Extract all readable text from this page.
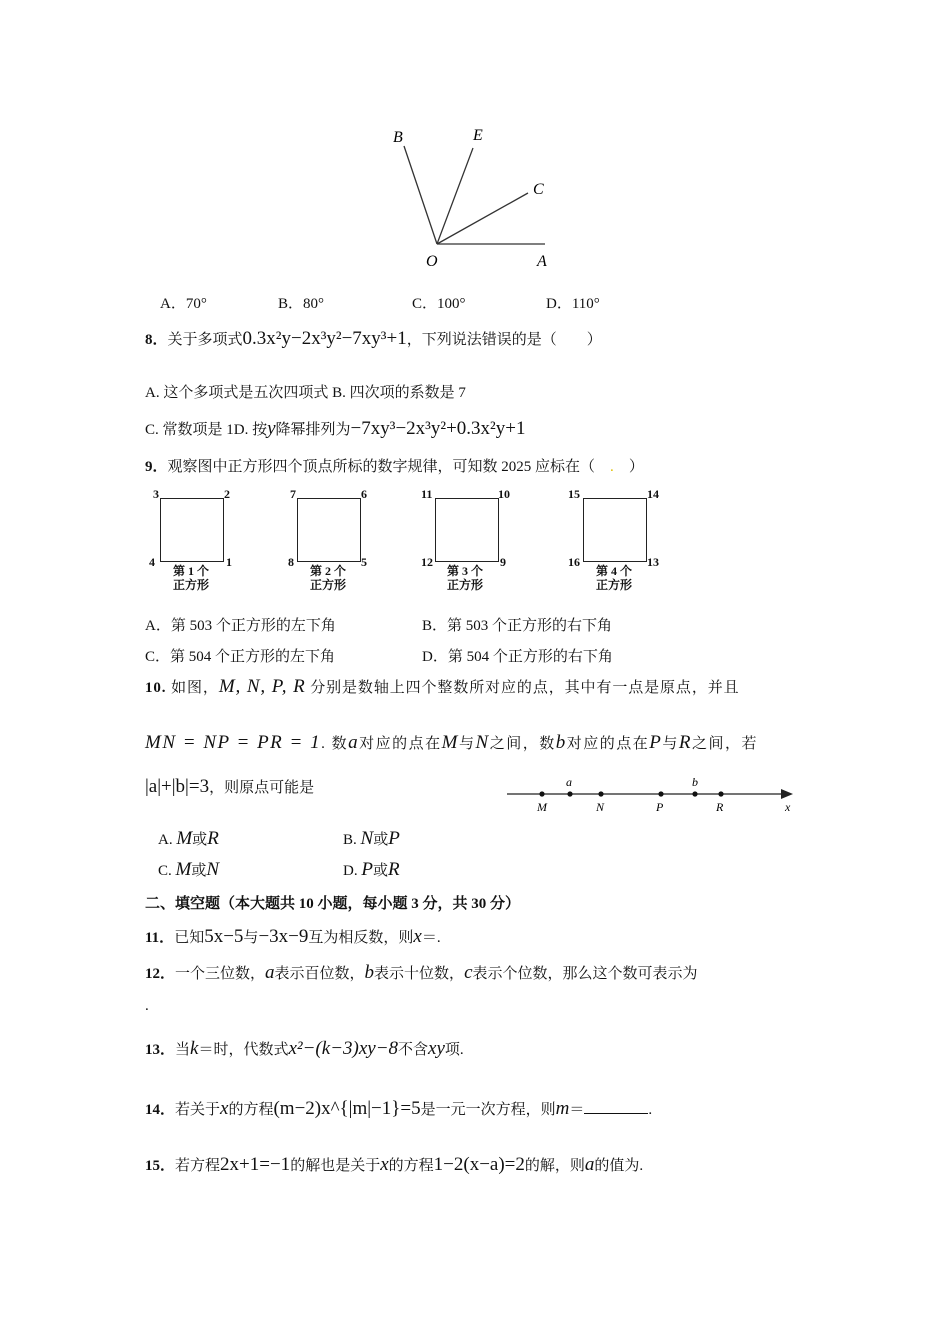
B	E
C
O	A
A．70°	B．80°	C．100°	D．110°
8．关于多项式0.3x²y−2x³y²−7xy³+1，下列说法错误的是（　　）
A. 这个多项式是五次四项式 B. 四次项的系数是 7
C. 常数项是 1D. 按y降幂排列为−7xy³−2x³y²+0.3x²y+1
9．观察图中正方形四个顶点所标的数字规律，可知数 2025 应标在（　 .　 ）
3	2
4	1
第 1 个
正方形
7	6
8	5
第 2 个
正方形
11	10
12	9
第 3 个
正方形
15	14
16	13
第 4 个
正方形
A．第 503 个正方形的左下角	B．第 503 个正方形的右下角
C．第 504 个正方形的左下角	D．第 504 个正方形的右下角
10. 如图，M, N, P, R 分别是数轴上四个整数所对应的点，其中有一点是原点，并且
MN = NP = PR = 1. 数a对应的点在M与N之间，数b对应的点在P与R之间，若
|a|+|b|=3，则原点可能是	a	b
M	N	P	R	x
A. M或R	B. N或P
C. M或N	D. P或R
二、填空题（本大题共 10 小题，每小题 3 分，共 30 分）
11．已知5x−5与−3x−9互为相反数，则x＝.
12．一个三位数，a表示百位数，b表示十位数，c表示个位数，那么这个数可表示为
.
13．当k＝时，代数式x²−(k−3)xy−8不含xy项.
14．若关于x的方程(m−2)x^{|m|−1}=5是一元一次方程，则m＝	.
15．若方程2x+1=−1的解也是关于x的方程1−2(x−a)=2的解，则a的值为.
